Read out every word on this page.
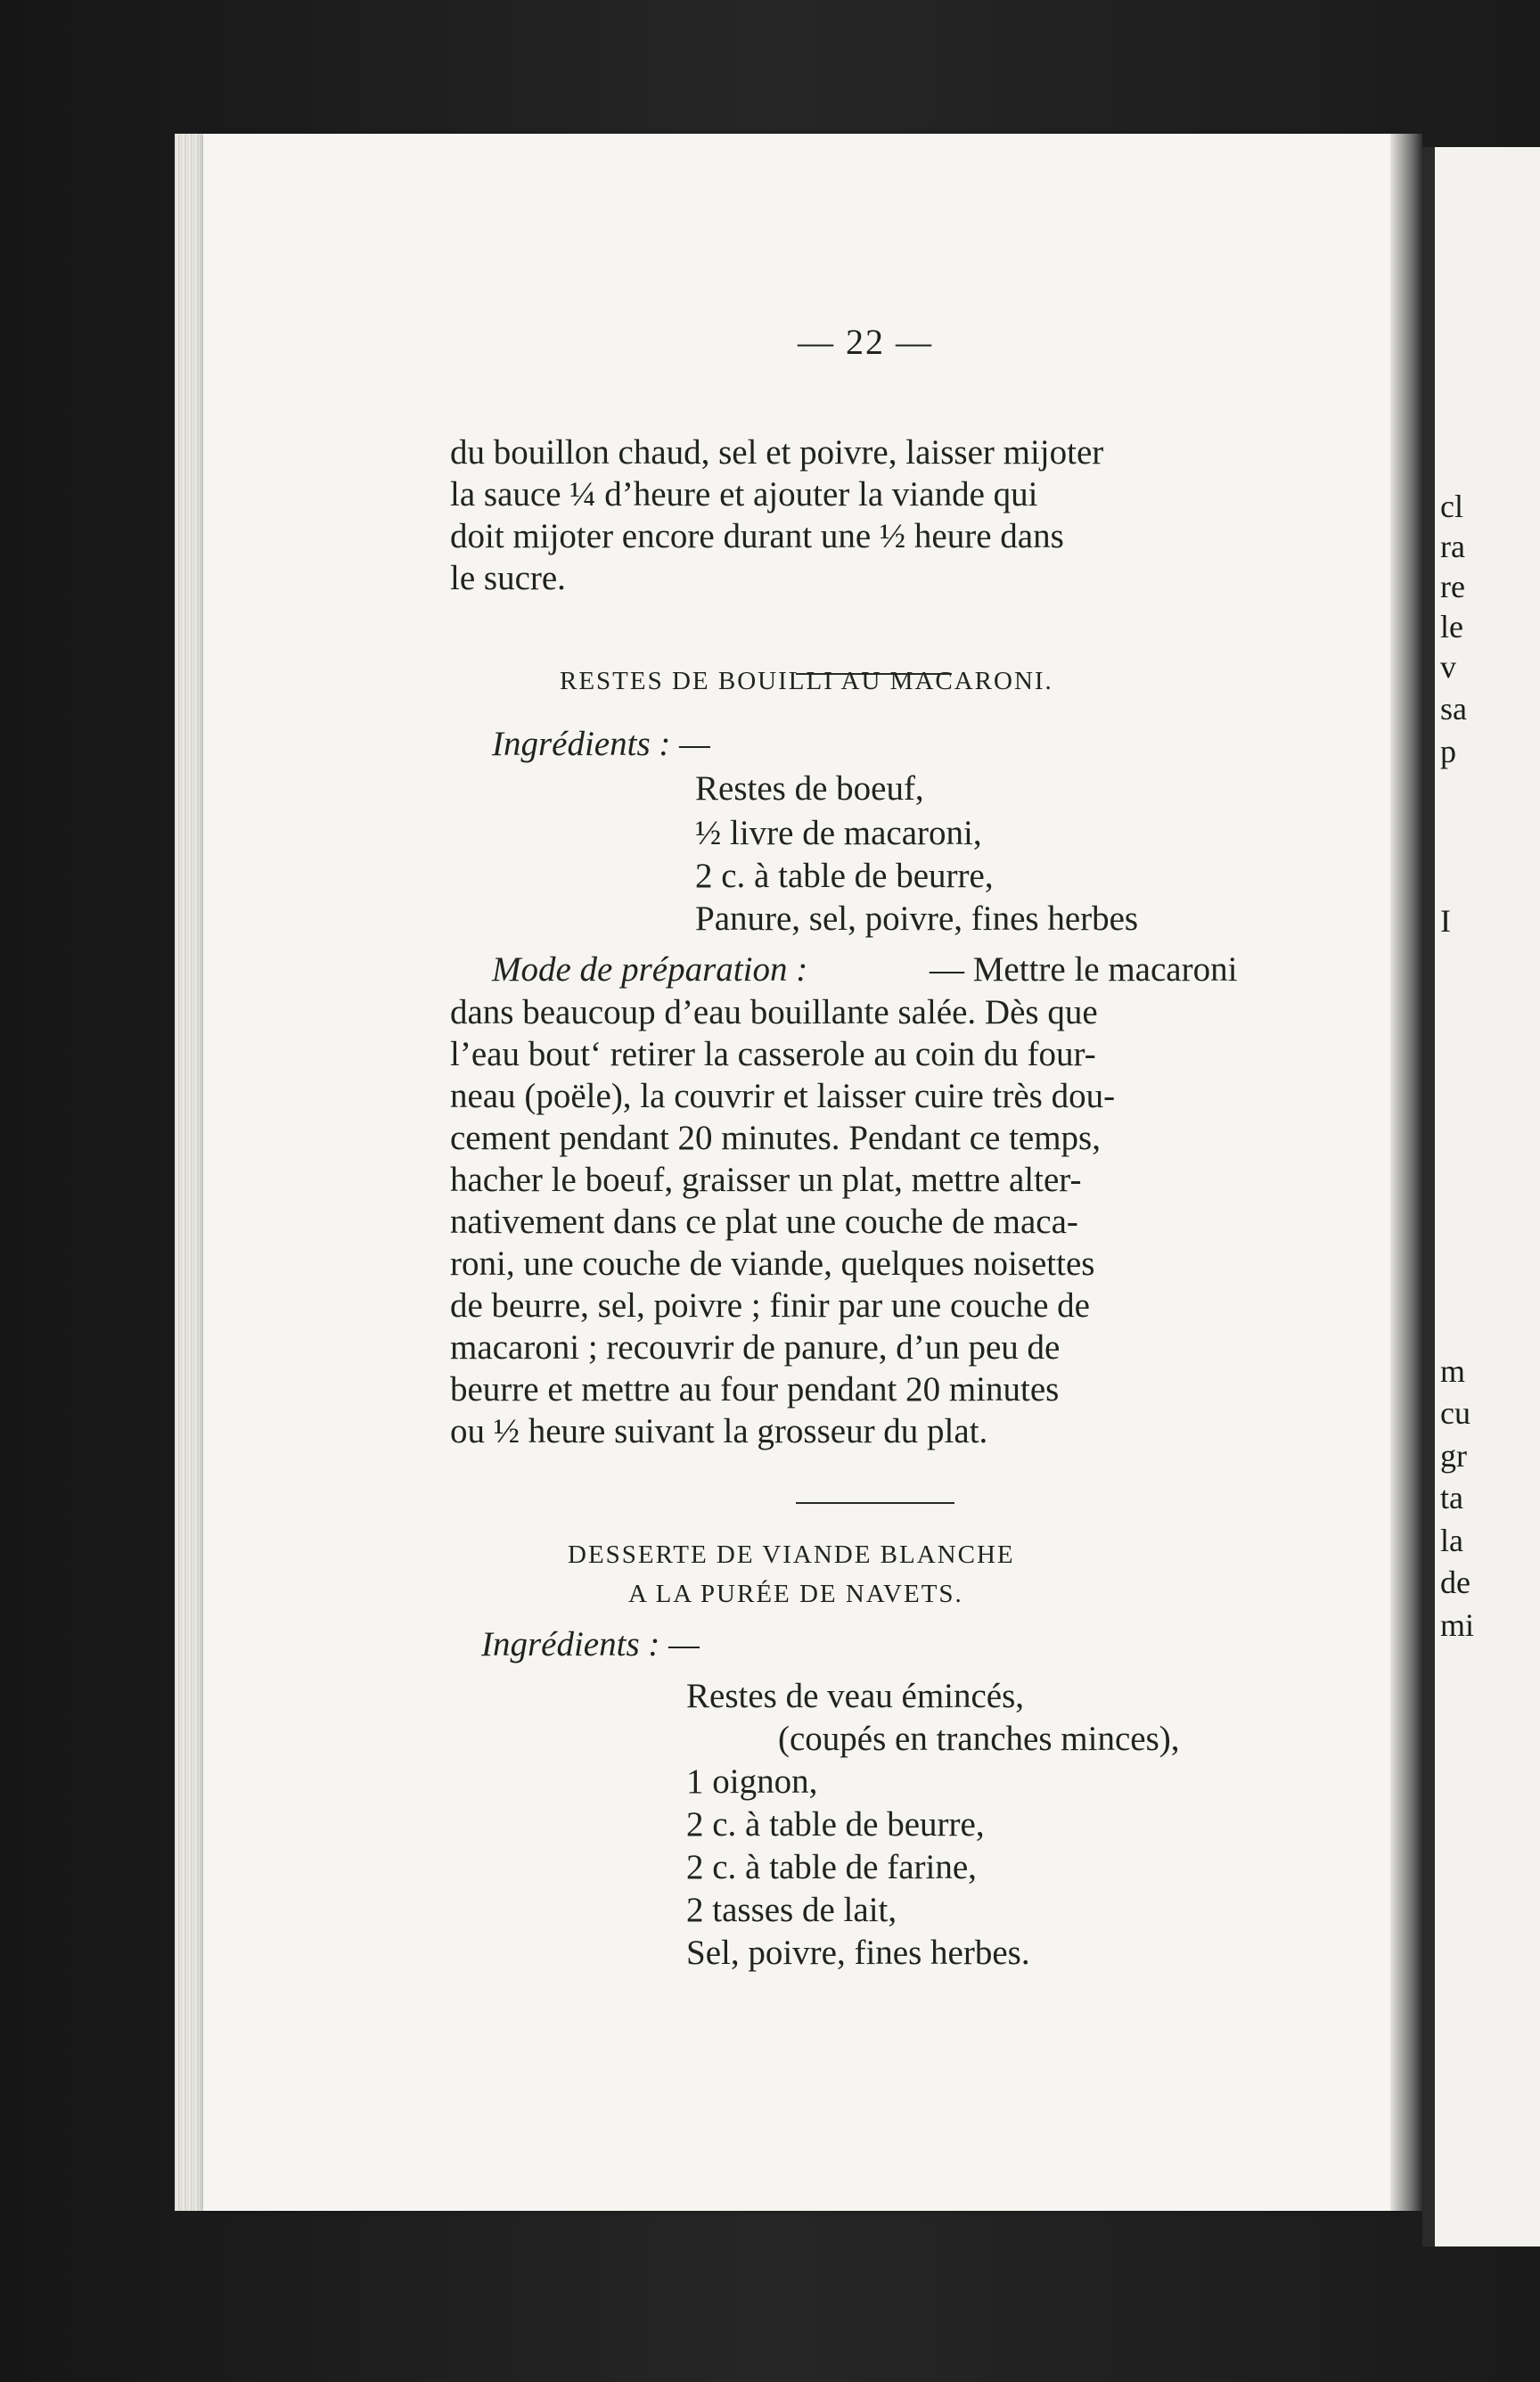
cl
ra
re
le
v
sa
p
I
m
cu
gr
ta
la
de
mi
— 22 —
du bouillon chaud, sel et poivre, laisser mijoter
la sauce ¼ d’heure et ajouter la viande qui
doit mijoter encore durant une ½ heure dans
le sucre.
RESTES DE BOUILLI AU MACARONI.
Ingrédients : —
Restes de boeuf,
½ livre de macaroni,
2 c. à table de beurre,
Panure, sel, poivre, fines herbes
Mode de préparation :	— Mettre le macaroni
dans beaucoup d’eau bouillante salée. Dès que
l’eau bout‘ retirer la casserole au coin du four-
neau (poële), la couvrir et laisser cuire très dou-
cement pendant 20 minutes. Pendant ce temps,
hacher le boeuf, graisser un plat, mettre alter-
nativement dans ce plat une couche de maca-
roni, une couche de viande, quelques noisettes
de beurre, sel, poivre ; finir par une couche de
macaroni ; recouvrir de panure, d’un peu de
beurre et mettre au four pendant 20 minutes
ou ½ heure suivant la grosseur du plat.
DESSERTE DE VIANDE BLANCHE
A LA PURÉE DE NAVETS.
Ingrédients : —
Restes de veau émincés,
(coupés en tranches minces),
1 oignon,
2 c. à table de beurre,
2 c. à table de farine,
2 tasses de lait,
Sel, poivre, fines herbes.
